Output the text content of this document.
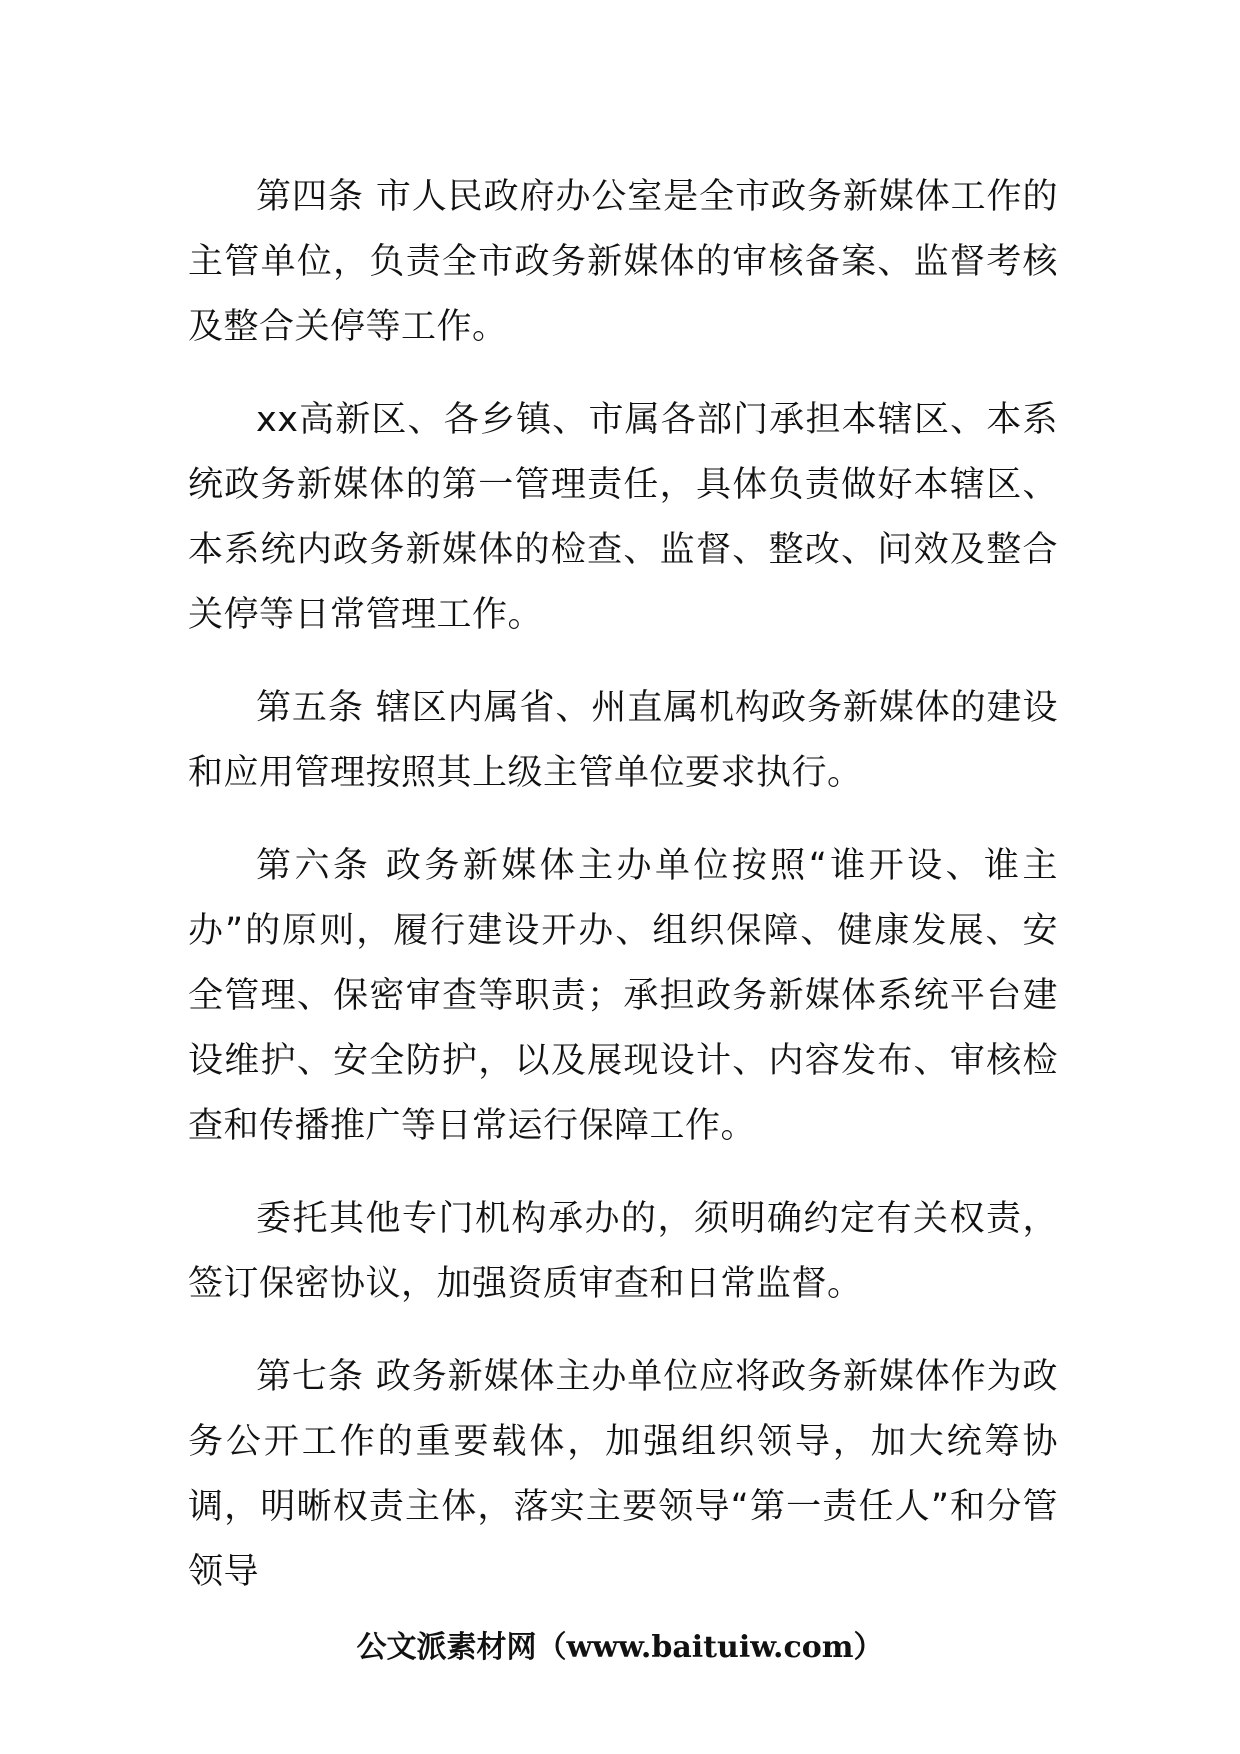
第四条 市人民政府办公室是全市政务新媒体工作的主管单位，负责全市政务新媒体的审核备案、监督考核及整合关停等工作。

xx高新区、各乡镇、市属各部门承担本辖区、本系统政务新媒体的第一管理责任，具体负责做好本辖区、本系统内政务新媒体的检查、监督、整改、问效及整合关停等日常管理工作。

第五条 辖区内属省、州直属机构政务新媒体的建设和应用管理按照其上级主管单位要求执行。

第六条 政务新媒体主办单位按照“谁开设、谁主办”的原则，履行建设开办、组织保障、健康发展、安全管理、保密审查等职责；承担政务新媒体系统平台建设维护、安全防护，以及展现设计、内容发布、审核检查和传播推广等日常运行保障工作。

委托其他专门机构承办的，须明确约定有关权责，签订保密协议，加强资质审查和日常监督。

第七条 政务新媒体主办单位应将政务新媒体作为政务公开工作的重要载体，加强组织领导，加大统筹协调，明晰权责主体，落实主要领导“第一责任人”和分管领导

公文派素材网（www.baituiw.com）
